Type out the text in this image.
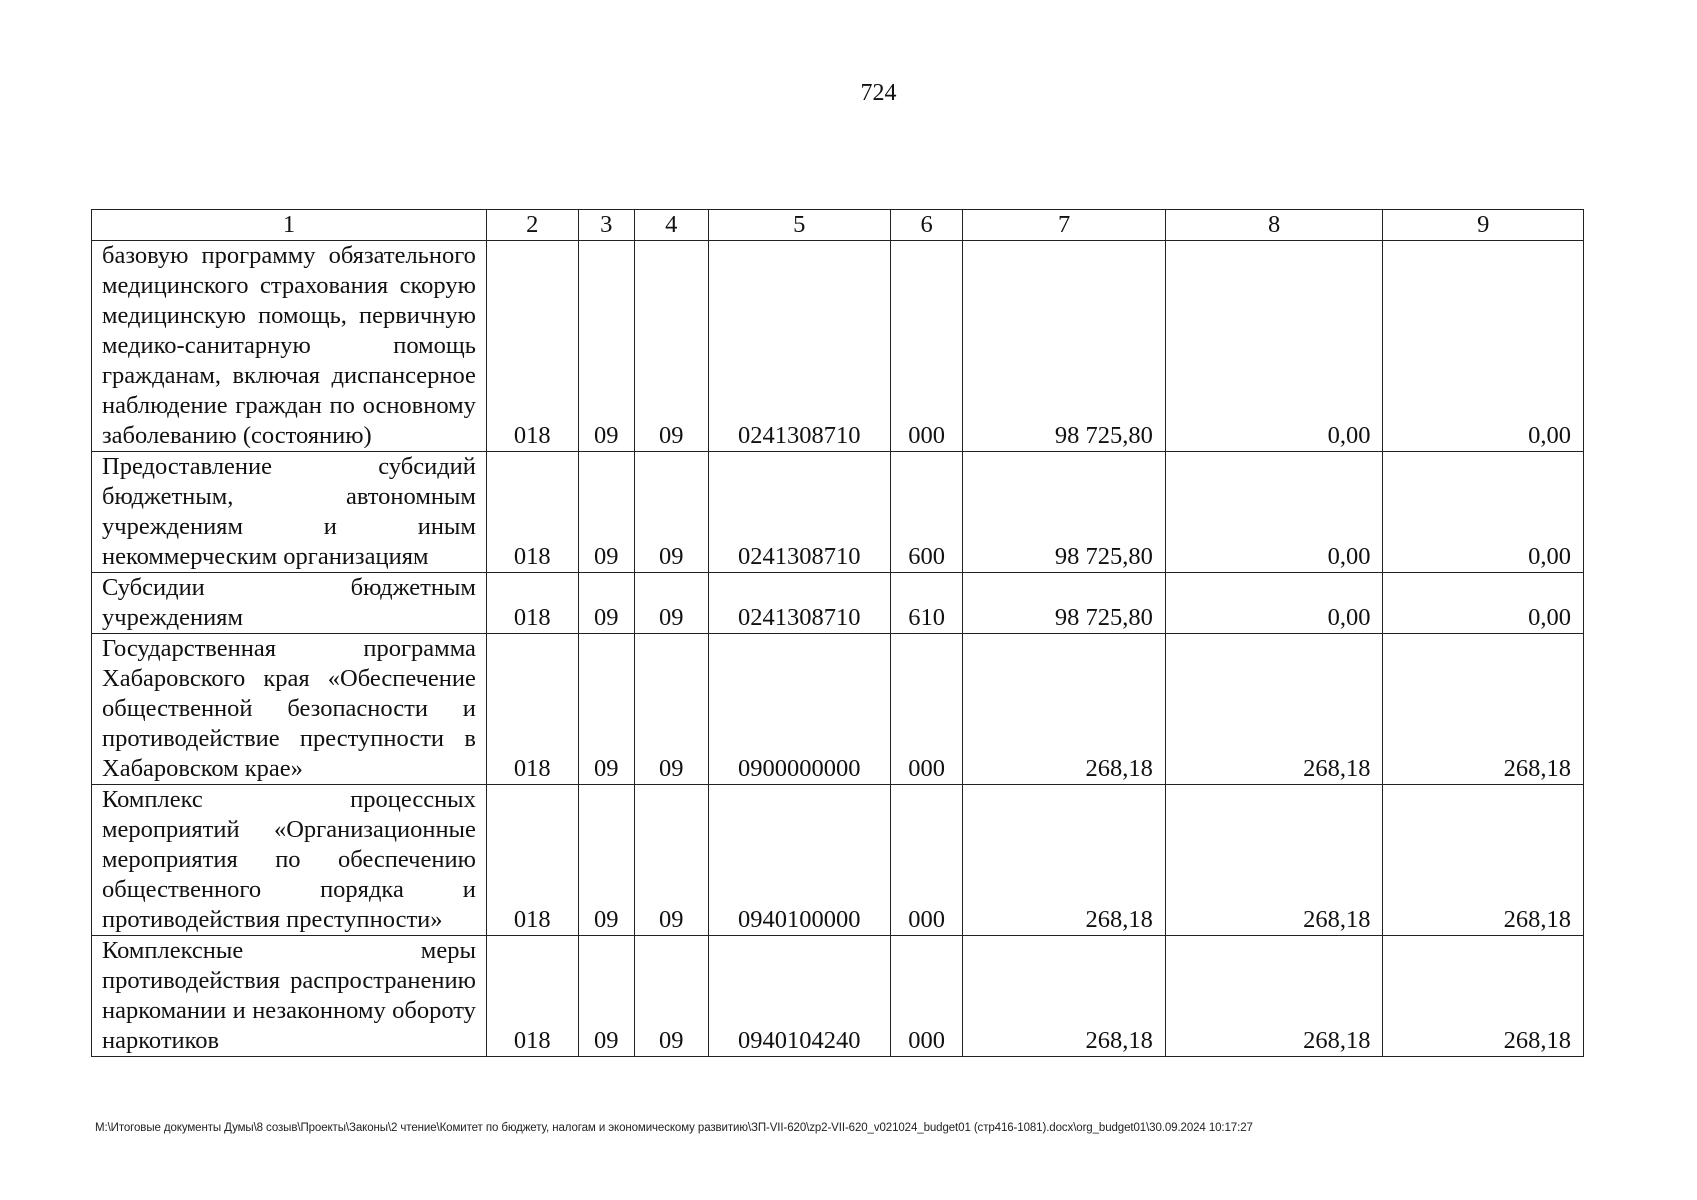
724
1	2	3	4	5	6	7	8	9
базовую программу обязательного медицинского страхования скорую медицинскую помощь, первичную медико-санитарную помощь гражданам, включая диспансерное наблюдение граждан по основному заболеванию (состоянию)	018	09	09	0241308710	000	98 725,80	0,00	0,00
Предоставление субсидий бюджетным, автономным учреждениям и иным некоммерческим организациям	018	09	09	0241308710	600	98 725,80	0,00	0,00
Субсидии бюджетным учреждениям	018	09	09	0241308710	610	98 725,80	0,00	0,00
Государственная программа Хабаровского края «Обеспечение общественной безопасности и противодействие преступности в Хабаровском крае»	018	09	09	0900000000	000	268,18	268,18	268,18
Комплекс процессных мероприятий «Организационные мероприятия по обеспечению общественного порядка и противодействия преступности»	018	09	09	0940100000	000	268,18	268,18	268,18
Комплексные меры противодействия распространению наркомании и незаконному обороту наркотиков	018	09	09	0940104240	000	268,18	268,18	268,18
M:\Итоговые документы Думы\8 созыв\Проекты\Законы\2 чтение\Комитет по бюджету, налогам и экономическому развитию\ЗП-VII-620\zp2-VII-620_v021024_budget01 (стр416-1081).docx\org_budget01\30.09.2024 10:17:27
